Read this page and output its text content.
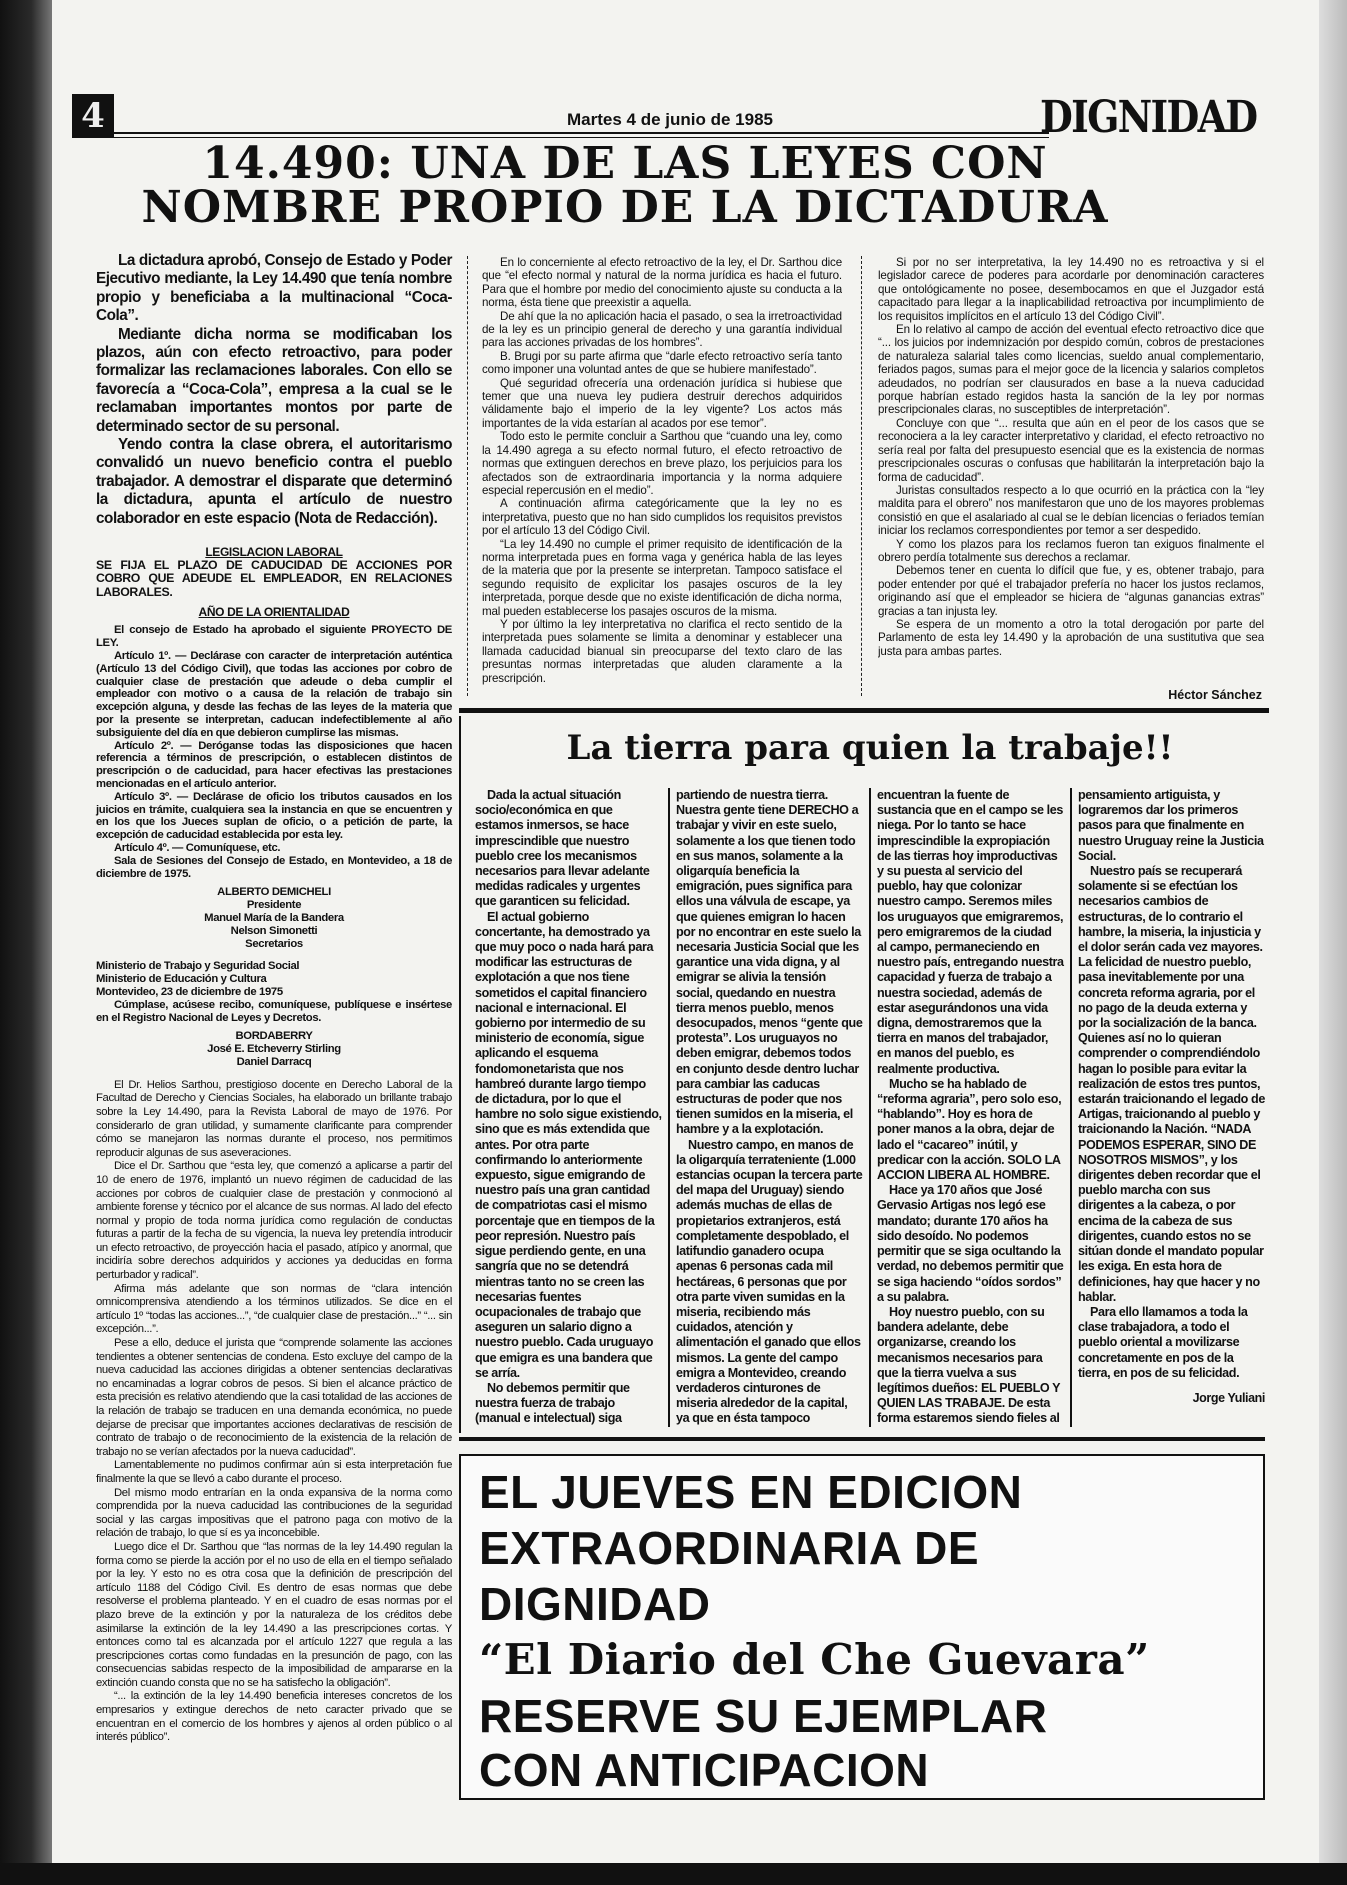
4	Martes 4 de junio de 1985	DIGNIDAD
14.490: UNA DE LAS LEYES CON
NOMBRE PROPIO DE LA DICTADURA

La dictadura aprobó, Consejo de Estado y Poder Ejecutivo mediante, la Ley 14.490 que tenía nombre propio y beneficiaba a la multinacional “Coca-Cola”.

Mediante dicha norma se modificaban los plazos, aún con efecto retroactivo, para poder formalizar las reclamaciones laborales. Con ello se favorecía a “Coca-Cola”, empresa a la cual se le reclamaban importantes montos por parte de determinado sector de su personal.

Yendo contra la clase obrera, el autoritarismo convalidó un nuevo beneficio contra el pueblo trabajador. A demostrar el disparate que determinó la dictadura, apunta el artículo de nuestro colaborador en este espacio (Nota de Redacción).

LEGISLACION LABORAL

SE FIJA EL PLAZO DE CADUCIDAD DE ACCIONES POR COBRO QUE ADEUDE EL EMPLEADOR, EN RELACIONES LABORALES.

AÑO DE LA ORIENTALIDAD

El consejo de Estado ha aprobado el siguiente PROYECTO DE LEY.

Artículo 1º. — Declárase con caracter de interpretación auténtica (Artículo 13 del Código Civil), que todas las acciones por cobro de cualquier clase de prestación que adeude o deba cumplir el empleador con motivo o a causa de la relación de trabajo sin excepción alguna, y desde las fechas de las leyes de la materia que por la presente se interpretan, caducan indefectiblemente al año subsiguiente del día en que debieron cumplirse las mismas.

Artículo 2º. — Deróganse todas las disposiciones que hacen referencia a términos de prescripción, o establecen distintos de prescripción o de caducidad, para hacer efectivas las prestaciones mencionadas en el artículo anterior.

Artículo 3º. — Declárase de oficio los tributos causados en los juicios en trámite, cualquiera sea la instancia en que se encuentren y en los que los Jueces suplan de oficio, o a petición de parte, la excepción de caducidad establecida por esta ley.

Artículo 4º. — Comuníquese, etc.

Sala de Sesiones del Consejo de Estado, en Montevideo, a 18 de diciembre de 1975.

ALBERTO DEMICHELI
Presidente
Manuel María de la Bandera
Nelson Simonetti
Secretarios
Ministerio de Trabajo y Seguridad Social
Ministerio de Educación y Cultura
Montevideo, 23 de diciembre de 1975

Cúmplase, acúsese recibo, comuníquese, publíquese e insértese en el Registro Nacional de Leyes y Decretos.

BORDABERRY
José E. Etcheverry Stirling
Daniel Darracq

El Dr. Helios Sarthou, prestigioso docente en Derecho Laboral de la Facultad de Derecho y Ciencias Sociales, ha elaborado un brillante trabajo sobre la Ley 14.490, para la Revista Laboral de mayo de 1976. Por considerarlo de gran utilidad, y sumamente clarificante para comprender cómo se manejaron las normas durante el proceso, nos permitimos reproducir algunas de sus aseveraciones.

Dice el Dr. Sarthou que “esta ley, que comenzó a aplicarse a partir del 10 de enero de 1976, implantó un nuevo régimen de caducidad de las acciones por cobros de cualquier clase de prestación y conmocionó al ambiente forense y técnico por el alcance de sus normas. Al lado del efecto normal y propio de toda norma jurídica como regulación de conductas futuras a partir de la fecha de su vigencia, la nueva ley pretendía introducir un efecto retroactivo, de proyección hacia el pasado, atípico y anormal, que incidiría sobre derechos adquiridos y acciones ya deducidas en forma perturbador y radical”.

Afirma más adelante que son normas de “clara intención omnicomprensiva atendiendo a los términos utilizados. Se dice en el artículo 1º “todas las acciones...”, “de cualquier clase de prestación...” “... sin excepción...”.

Pese a ello, deduce el jurista que “comprende solamente las acciones tendientes a obtener sentencias de condena. Esto excluye del campo de la nueva caducidad las acciones dirigidas a obtener sentencias declarativas no encaminadas a lograr cobros de pesos. Si bien el alcance práctico de esta precisión es relativo atendiendo que la casi totalidad de las acciones de la relación de trabajo se traducen en una demanda económica, no puede dejarse de precisar que importantes acciones declarativas de rescisión de contrato de trabajo o de reconocimiento de la existencia de la relación de trabajo no se verían afectados por la nueva caducidad”.

Lamentablemente no pudimos confirmar aún si esta interpretación fue finalmente la que se llevó a cabo durante el proceso.

Del mismo modo entrarían en la onda expansiva de la norma como comprendida por la nueva caducidad las contribuciones de la seguridad social y las cargas impositivas que el patrono paga con motivo de la relación de trabajo, lo que sí es ya inconcebible.

Luego dice el Dr. Sarthou que “las normas de la ley 14.490 regulan la forma como se pierde la acción por el no uso de ella en el tiempo señalado por la ley. Y esto no es otra cosa que la definición de prescripción del artículo 1188 del Código Civil. Es dentro de esas normas que debe resolverse el problema planteado. Y en el cuadro de esas normas por el plazo breve de la extinción y por la naturaleza de los créditos debe asimilarse la extinción de la ley 14.490 a las prescripciones cortas. Y entonces como tal es alcanzada por el artículo 1227 que regula a las prescripciones cortas como fundadas en la presunción de pago, con las consecuencias sabidas respecto de la imposibilidad de ampararse en la extinción cuando consta que no se ha satisfecho la obligación”.

“... la extinción de la ley 14.490 beneficia intereses concretos de los empresarios y extingue derechos de neto caracter privado que se encuentran en el comercio de los hombres y ajenos al orden público o al interés público”.

En lo concerniente al efecto retroactivo de la ley, el Dr. Sarthou dice que “el efecto normal y natural de la norma jurídica es hacia el futuro. Para que el hombre por medio del conocimiento ajuste su conducta a la norma, ésta tiene que preexistir a aquella.

De ahí que la no aplicación hacia el pasado, o sea la irretroactividad de la ley es un principio general de derecho y una garantía individual para las acciones privadas de los hombres”.

B. Brugi por su parte afirma que “darle efecto retroactivo sería tanto como imponer una voluntad antes de que se hubiere manifestado”.

Qué seguridad ofrecería una ordenación jurídica si hubiese que temer que una nueva ley pudiera destruir derechos adquiridos válidamente bajo el imperio de la ley vigente? Los actos más importantes de la vida estarían al acados por ese temor”.

Todo esto le permite concluir a Sarthou que “cuando una ley, como la 14.490 agrega a su efecto normal futuro, el efecto retroactivo de normas que extinguen derechos en breve plazo, los perjuicios para los afectados son de extraordinaria importancia y la norma adquiere especial repercusión en el medio”.

A continuación afirma categóricamente que la ley no es interpretativa, puesto que no han sido cumplidos los requisitos previstos por el artículo 13 del Código Civil.

“La ley 14.490 no cumple el primer requisito de identificación de la norma interpretada pues en forma vaga y genérica habla de las leyes de la materia que por la presente se interpretan. Tampoco satisface el segundo requisito de explicitar los pasajes oscuros de la ley interpretada, porque desde que no existe identificación de dicha norma, mal pueden establecerse los pasajes oscuros de la misma.

Y por último la ley interpretativa no clarifica el recto sentido de la interpretada pues solamente se limita a denominar y establecer una llamada caducidad bianual sin preocuparse del texto claro de las presuntas normas interpretadas que aluden claramente a la prescripción.

Si por no ser interpretativa, la ley 14.490 no es retroactiva y si el legislador carece de poderes para acordarle por denominación caracteres que ontológicamente no posee, desembocamos en que el Juzgador está capacitado para llegar a la inaplicabilidad retroactiva por incumplimiento de los requisitos implícitos en el artículo 13 del Código Civil”.

En lo relativo al campo de acción del eventual efecto retroactivo dice que “... los juicios por indemnización por despido común, cobros de prestaciones de naturaleza salarial tales como licencias, sueldo anual complementario, feriados pagos, sumas para el mejor goce de la licencia y salarios completos adeudados, no podrían ser clausurados en base a la nueva caducidad porque habrían estado regidos hasta la sanción de la ley por normas prescripcionales claras, no susceptibles de interpretación”.

Concluye con que “... resulta que aún en el peor de los casos que se reconociera a la ley caracter interpretativo y claridad, el efecto retroactivo no sería real por falta del presupuesto esencial que es la existencia de normas prescripcionales oscuras o confusas que habilitarán la interpretación bajo la forma de caducidad”.

Juristas consultados respecto a lo que ocurrió en la práctica con la “ley maldita para el obrero” nos manifestaron que uno de los mayores problemas consistió en que el asalariado al cual se le debían licencias o feriados temían iniciar los reclamos correspondientes por temor a ser despedido.

Y como los plazos para los reclamos fueron tan exiguos finalmente el obrero perdía totalmente sus derechos a reclamar.

Debemos tener en cuenta lo difícil que fue, y es, obtener trabajo, para poder entender por qué el trabajador prefería no hacer los justos reclamos, originando así que el empleador se hiciera de “algunas ganancias extras” gracias a tan injusta ley.

Se espera de un momento a otro la total derogación por parte del Parlamento de esta ley 14.490 y la aprobación de una sustitutiva que sea justa para ambas partes.

Héctor Sánchez
La tierra para quien la trabaje!!

Dada la actual situación socio/económica en que estamos inmersos, se hace imprescindible que nuestro pueblo cree los mecanismos necesarios para llevar adelante medidas radicales y urgentes que garanticen su felicidad.

El actual gobierno concertante, ha demostrado ya que muy poco o nada hará para modificar las estructuras de explotación a que nos tiene sometidos el capital financiero nacional e internacional. El gobierno por intermedio de su ministerio de economía, sigue aplicando el esquema fondomonetarista que nos hambreó durante largo tiempo de dictadura, por lo que el hambre no solo sigue existiendo, sino que es más extendida que antes. Por otra parte confirmando lo anteriormente expuesto, sigue emigrando de nuestro país una gran cantidad de compatriotas casi el mismo porcentaje que en tiempos de la peor represión. Nuestro país sigue perdiendo gente, en una sangría que no se detendrá mientras tanto no se creen las necesarias fuentes ocupacionales de trabajo que aseguren un salario digno a nuestro pueblo. Cada uruguayo que emigra es una bandera que se arría.

No debemos permitir que nuestra fuerza de trabajo (manual e intelectual) siga partiendo de nuestra tierra. Nuestra gente tiene DERECHO a trabajar y vivir en este suelo, solamente a los que tienen todo en sus manos, solamente a la oligarquía beneficia la emigración, pues significa para ellos una válvula de escape, ya que quienes emigran lo hacen por no encontrar en este suelo la necesaria Justicia Social que les garantice una vida digna, y al emigrar se alivia la tensión social, quedando en nuestra tierra menos pueblo, menos desocupados, menos “gente que protesta”. Los uruguayos no deben emigrar, debemos todos en conjunto desde dentro luchar para cambiar las caducas estructuras de poder que nos tienen sumidos en la miseria, el hambre y a la explotación.

Nuestro campo, en manos de la oligarquía terrateniente (1.000 estancias ocupan la tercera parte del mapa del Uruguay) siendo además muchas de ellas de propietarios extranjeros, está completamente despoblado, el latifundio ganadero ocupa apenas 6 personas cada mil hectáreas, 6 personas que por otra parte viven sumidas en la miseria, recibiendo más cuidados, atención y alimentación el ganado que ellos mismos. La gente del campo emigra a Montevideo, creando verdaderos cinturones de miseria alrededor de la capital, ya que en ésta tampoco encuentran la fuente de sustancia que en el campo se les niega. Por lo tanto se hace imprescindible la expropiación de las tierras hoy improductivas y su puesta al servicio del pueblo, hay que colonizar nuestro campo. Seremos miles los uruguayos que emigraremos, pero emigraremos de la ciudad al campo, permaneciendo en nuestro país, entregando nuestra capacidad y fuerza de trabajo a nuestra sociedad, además de estar asegurándonos una vida digna, demostraremos que la tierra en manos del trabajador, en manos del pueblo, es realmente productiva.

Mucho se ha hablado de “reforma agraria”, pero solo eso, “hablando”. Hoy es hora de poner manos a la obra, dejar de lado el “cacareo” inútil, y predicar con la acción. SOLO LA ACCION LIBERA AL HOMBRE.

Hace ya 170 años que José Gervasio Artigas nos legó ese mandato; durante 170 años ha sido desoído. No podemos permitir que se siga ocultando la verdad, no debemos permitir que se siga haciendo “oídos sordos” a su palabra.

Hoy nuestro pueblo, con su bandera adelante, debe organizarse, creando los mecanismos necesarios para que la tierra vuelva a sus legítimos dueños: EL PUEBLO Y QUIEN LAS TRABAJE. De esta forma estaremos siendo fieles al pensamiento artiguista, y lograremos dar los primeros pasos para que finalmente en nuestro Uruguay reine la Justicia Social.

Nuestro país se recuperará solamente si se efectúan los necesarios cambios de estructuras, de lo contrario el hambre, la miseria, la injusticia y el dolor serán cada vez mayores. La felicidad de nuestro pueblo, pasa inevitablemente por una concreta reforma agraria, por el no pago de la deuda externa y por la socialización de la banca. Quienes así no lo quieran comprender o comprendiéndolo hagan lo posible para evitar la realización de estos tres puntos, estarán traicionando el legado de Artigas, traicionando al pueblo y traicionando la Nación. “NADA PODEMOS ESPERAR, SINO DE NOSOTROS MISMOS”, y los dirigentes deben recordar que el pueblo marcha con sus dirigentes a la cabeza, o por encima de la cabeza de sus dirigentes, cuando estos no se sitúan donde el mandato popular les exiga. En esta hora de definiciones, hay que hacer y no hablar.

Para ello llamamos a toda la clase trabajadora, a todo el pueblo oriental a movilizarse concretamente en pos de la tierra, en pos de su felicidad.

Jorge Yuliani
EL JUEVES EN EDICION
EXTRAORDINARIA DE
DIGNIDAD
“El Diario del Che Guevara”
RESERVE SU EJEMPLAR
CON ANTICIPACION
